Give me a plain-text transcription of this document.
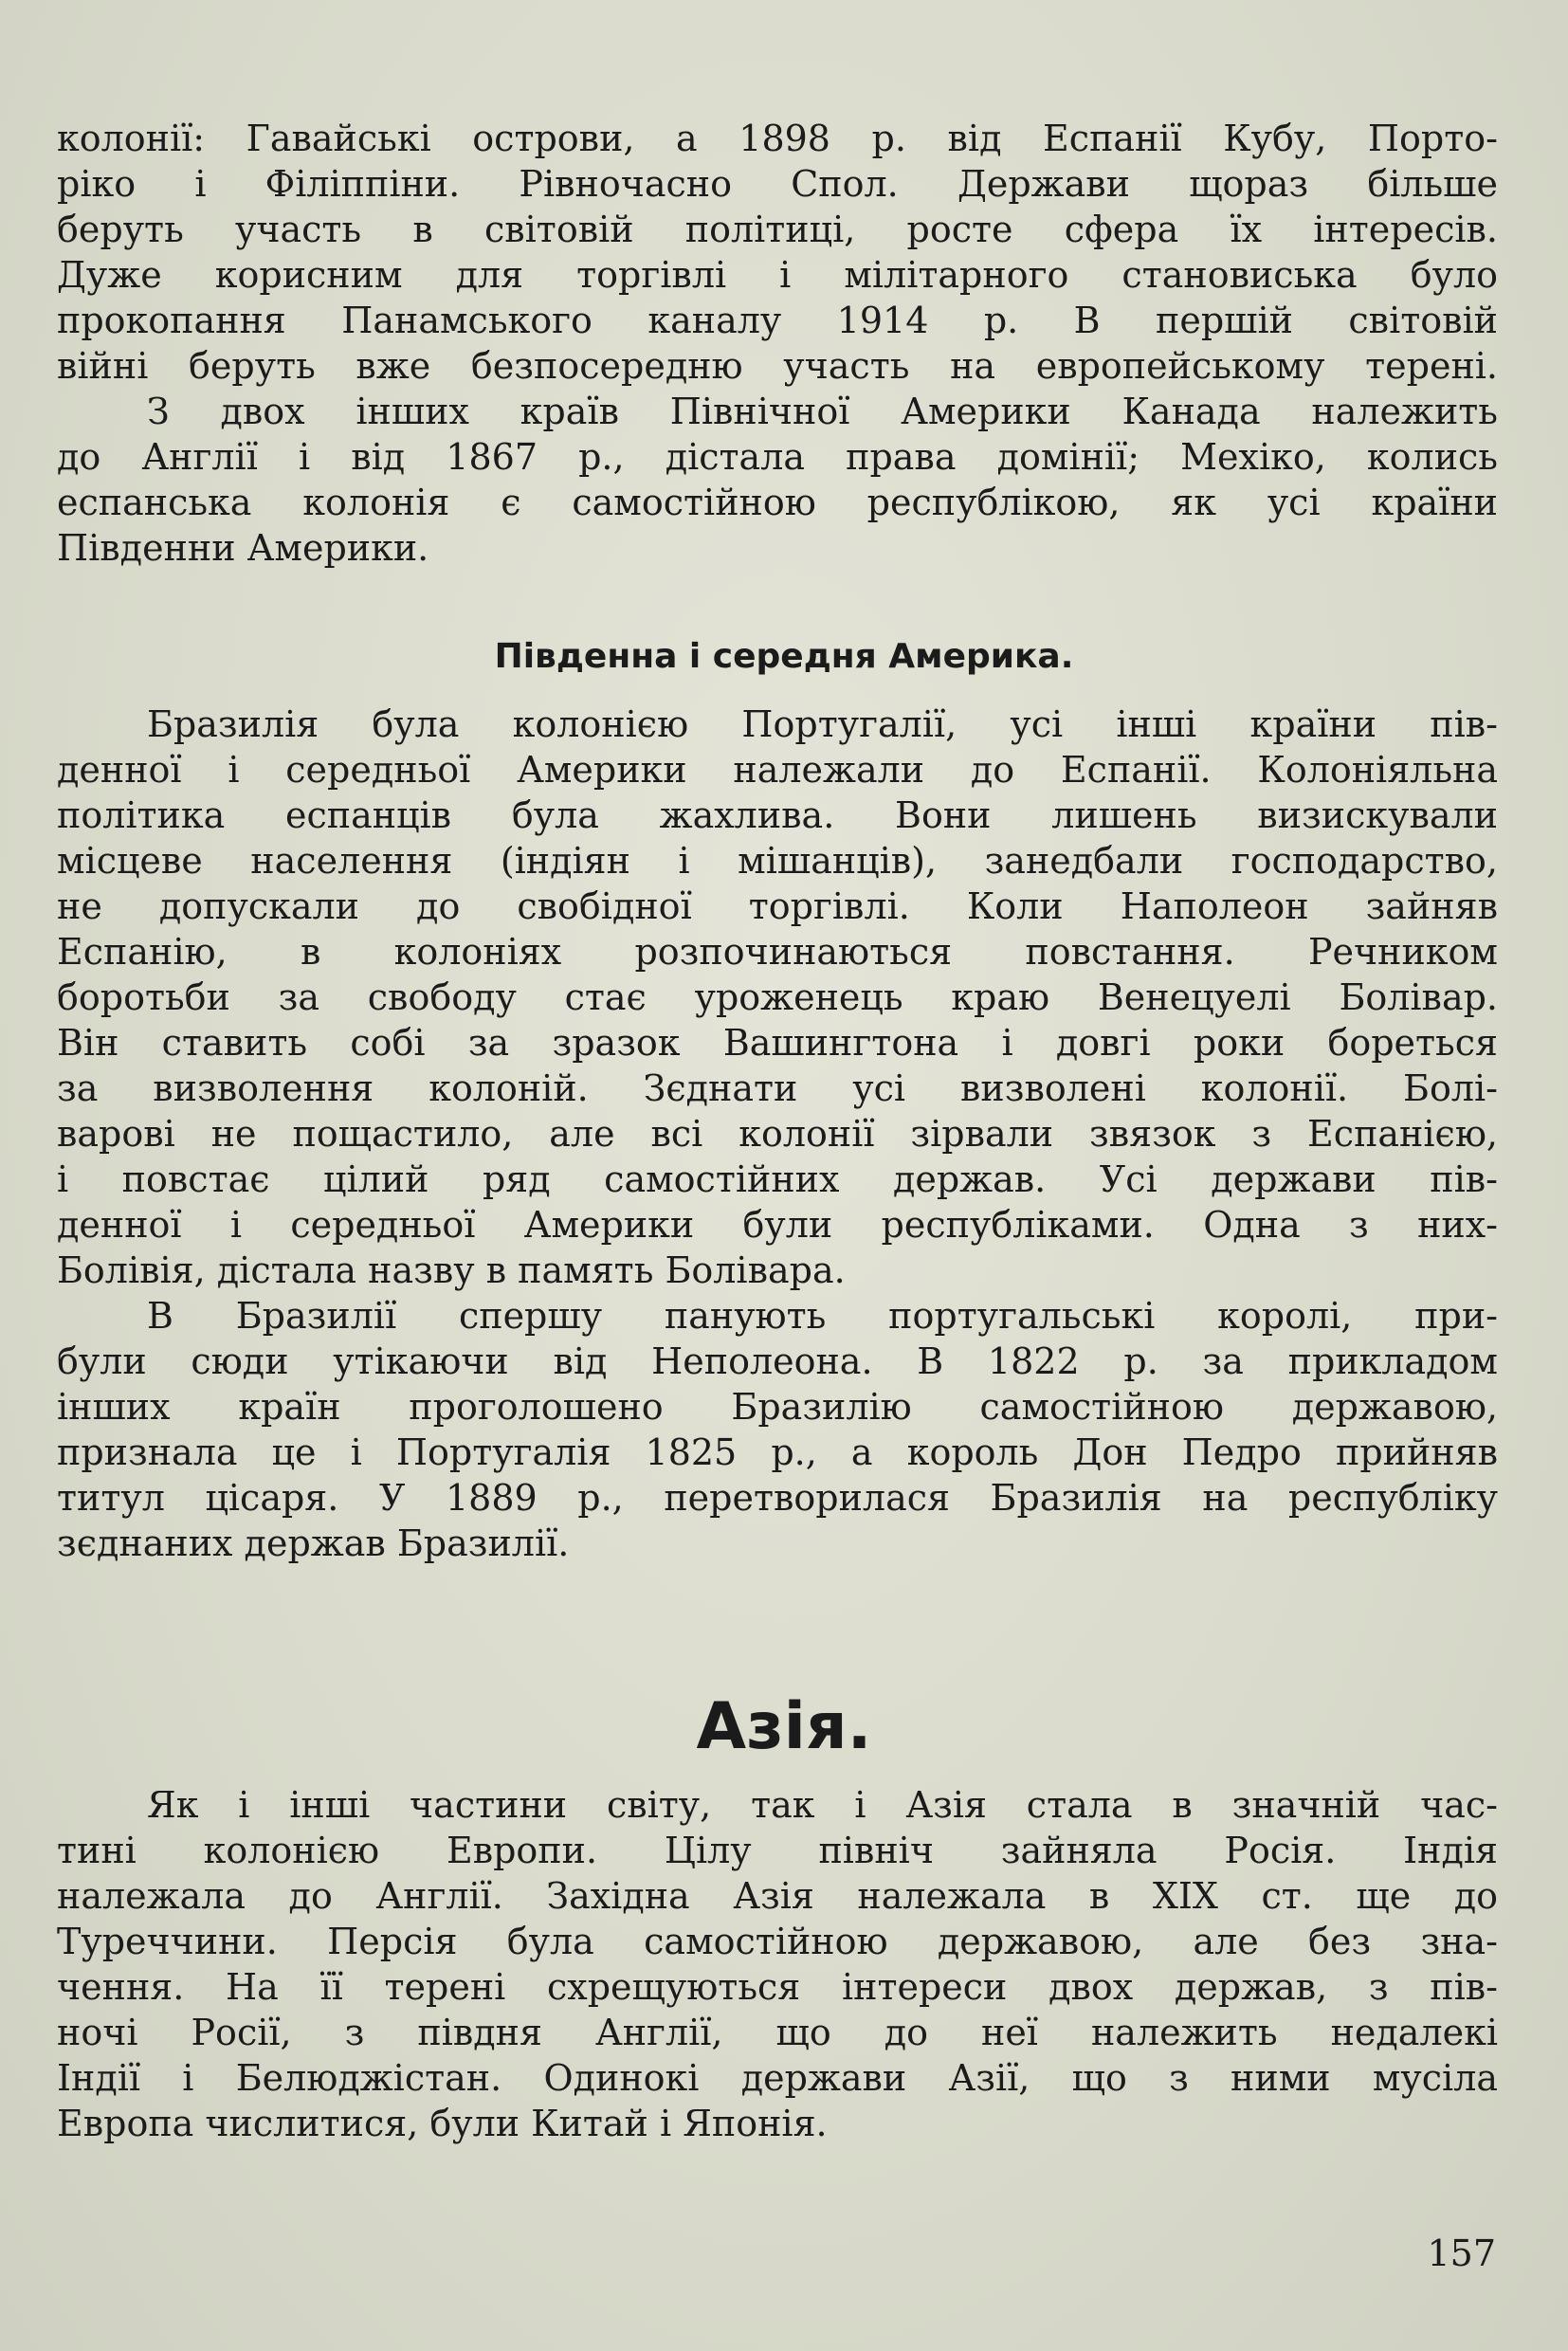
колонії: Гавайські острови, а 1898 р. від Еспанії Кубу, Порто-
ріко і Філіппіни. Рівночасно Спол. Держави щораз більше
беруть участь в світовій політиці, росте сфера їх інтересів.
Дуже корисним для торгівлі і мілітарного становиська було
прокопання Панамського каналу 1914 р. В першій світовій
війні беруть вже безпосередню участь на европейському терені.
З двох інших країв Північної Америки Канада належить
до Англії і від 1867 р., дістала права домінії; Мехіко, колись
еспанська колонія є самостійною республікою, як усі країни
Південни Америки.
Південна і середня Америка.
Бразилія була колонією Португалії, усі інші країни пів-
денної і середньої Америки належали до Еспанії. Колоніяльна
політика еспанців була жахлива. Вони лишень визискували
місцеве населення (індіян і мішанців), занедбали господарство,
не допускали до свобідної торгівлі. Коли Наполеон зайняв
Еспанію, в колоніях розпочинаються повстання. Речником
боротьби за свободу стає уроженець краю Венецуелі Болівар.
Він ставить собі за зразок Вашингтона і довгі роки бореться
за визволення колоній. Зєднати усі визволені колонії. Болі-
варові не пощастило, але всі колонії зірвали звязок з Еспанією,
і повстає цілий ряд самостійних держав. Усі держави пів-
денної і середньої Америки були республіками. Одна з них-
Болівія, дістала назву в память Болівара.
В Бразилії спершу панують португальські королі, при-
були сюди утікаючи від Неполеона. В 1822 р. за прикладом
інших країн проголошено Бразилію самостійною державою,
признала це і Португалія 1825 р., а король Дон Педро прийняв
титул цісаря. У 1889 р., перетворилася Бразилія на республіку
зєднаних держав Бразилії.
Азія.
Як і інші частини світу, так і Азія стала в значній час-
тині колонією Европи. Цілу північ зайняла Росія. Індія
належала до Англії. Західна Азія належала в XIX ст. ще до
Туреччини. Персія була самостійною державою, але без зна-
чення. На її терені схрещуються інтереси двох держав, з пів-
ночі Росії, з півдня Англії, що до неї належить недалекі
Індії і Белюджістан. Одинокі держави Азії, що з ними мусіла
Европа числитися, були Китай і Японія.
157
